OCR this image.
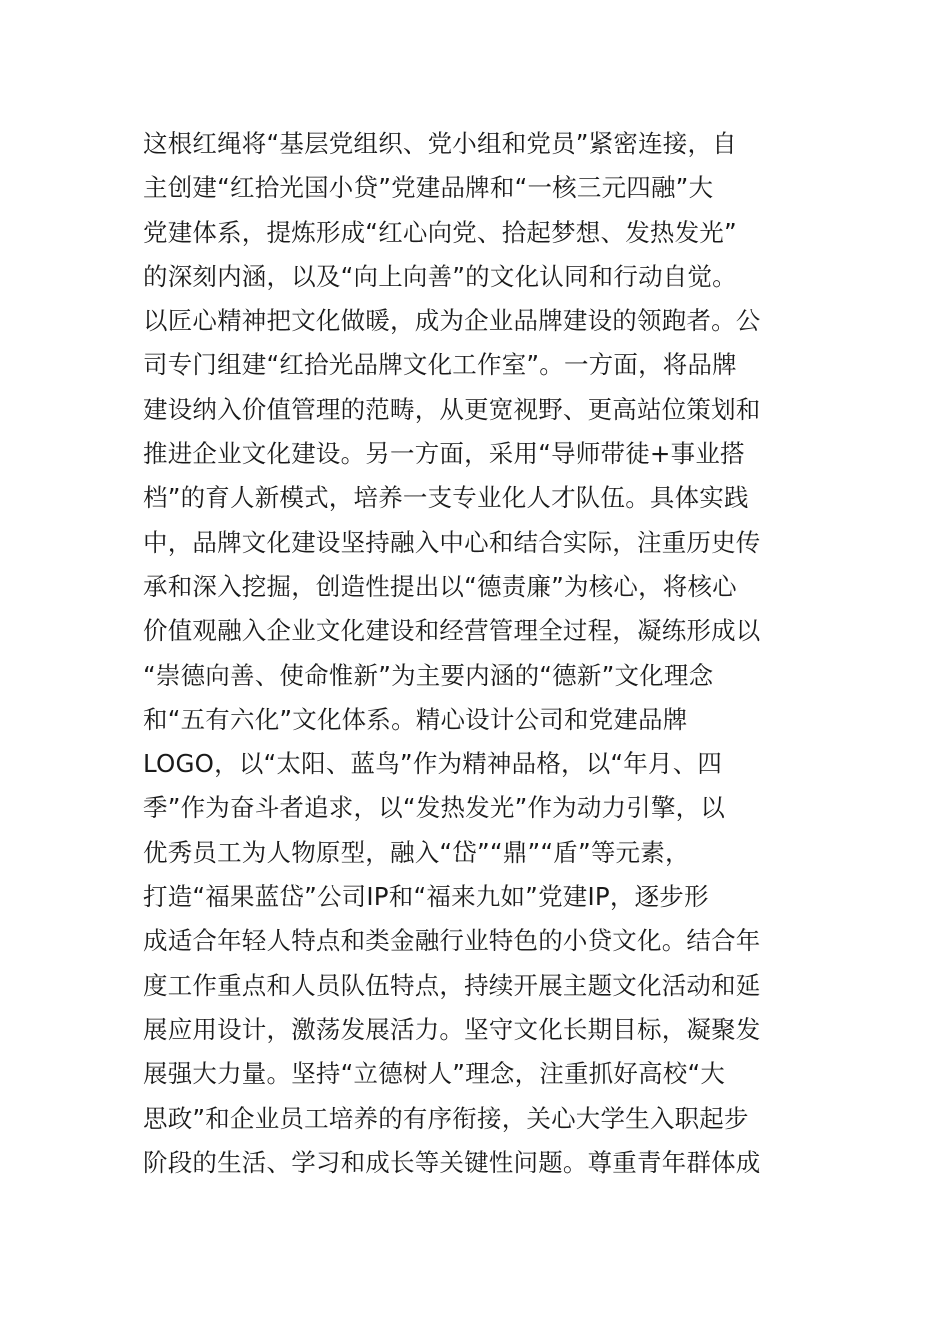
这根红绳将“基层党组织、党小组和党员”紧密连接，自
主创建“红拾光国小贷”党建品牌和“一核三元四融”大
党建体系，提炼形成“红心向党、拾起梦想、发热发光”
的深刻内涵，以及“向上向善”的文化认同和行动自觉。
以匠心精神把文化做暖，成为企业品牌建设的领跑者。公
司专门组建“红拾光品牌文化工作室”。一方面，将品牌
建设纳入价值管理的范畴，从更宽视野、更高站位策划和
推进企业文化建设。另一方面，采用“导师带徒+事业搭
档”的育人新模式，培养一支专业化人才队伍。具体实践
中，品牌文化建设坚持融入中心和结合实际，注重历史传
承和深入挖掘，创造性提出以“德责廉”为核心，将核心
价值观融入企业文化建设和经营管理全过程，凝练形成以
“崇德向善、使命惟新”为主要内涵的“德新”文化理念
和“五有六化”文化体系。精心设计公司和党建品牌
LOGO，以“太阳、蓝鸟”作为精神品格，以“年月、四
季”作为奋斗者追求，以“发热发光”作为动力引擎，以
优秀员工为人物原型，融入“岱”“鼎”“盾”等元素，
打造“福果蓝岱”公司IP和“福来九如”党建IP，逐步形
成适合年轻人特点和类金融行业特色的小贷文化。结合年
度工作重点和人员队伍特点，持续开展主题文化活动和延
展应用设计，激荡发展活力。坚守文化长期目标，凝聚发
展强大力量。坚持“立德树人”理念，注重抓好高校“大
思政”和企业员工培养的有序衔接，关心大学生入职起步
阶段的生活、学习和成长等关键性问题。尊重青年群体成
